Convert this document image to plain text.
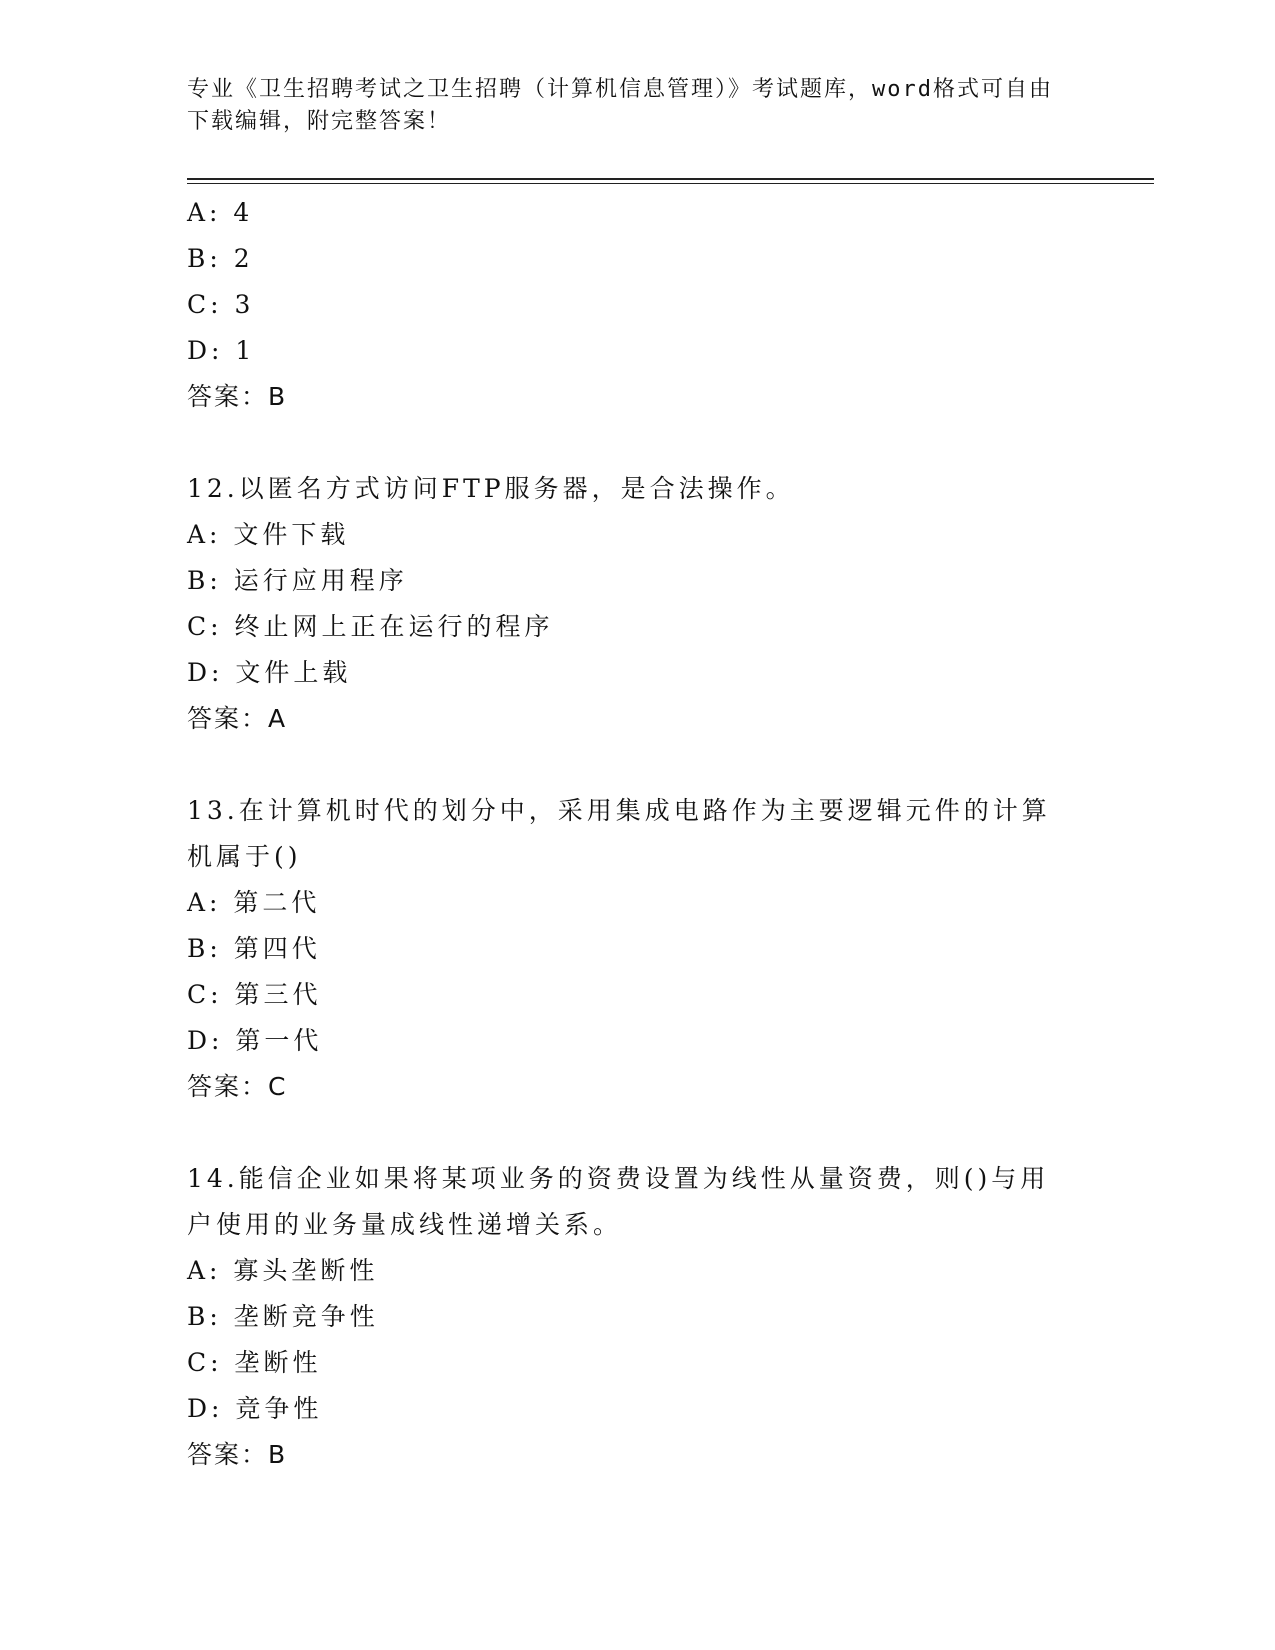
专业《卫生招聘考试之卫生招聘（计算机信息管理）》考试题库，word格式可自由下载编辑，附完整答案！
A: 4
B: 2
C: 3
D: 1
答案：B
12.以匿名方式访问FTP服务器，是合法操作。
A: 文件下载
B: 运行应用程序
C: 终止网上正在运行的程序
D: 文件上载
答案：A
13.在计算机时代的划分中，采用集成电路作为主要逻辑元件的计算机属于()
A: 第二代
B: 第四代
C: 第三代
D: 第一代
答案：C
14.能信企业如果将某项业务的资费设置为线性从量资费，则()与用户使用的业务量成线性递增关系。
A: 寡头垄断性
B: 垄断竞争性
C: 垄断性
D: 竞争性
答案：B
